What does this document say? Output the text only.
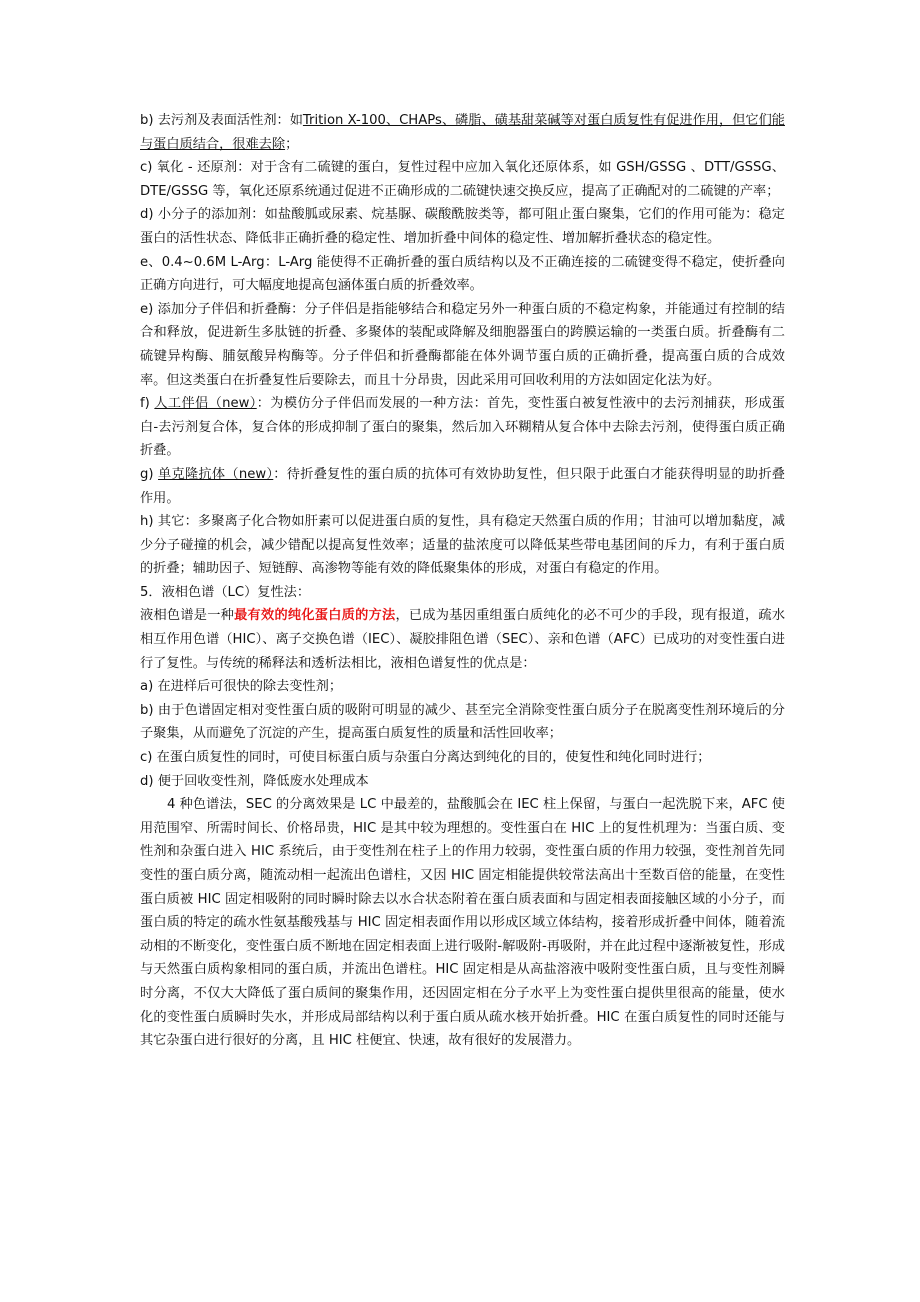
b) 去污剂及表面活性剂：如Trition X-100、CHAPs、磷脂、磺基甜菜碱等对蛋白质复性有促进作用，但它们能与蛋白质结合，很难去除；

c) 氧化 - 还原剂：对于含有二硫键的蛋白，复性过程中应加入氧化还原体系，如 GSH/GSSG 、DTT/GSSG、DTE/GSSG 等，氧化还原系统通过促进不正确形成的二硫键快速交换反应，提高了正确配对的二硫键的产率；

d) 小分子的添加剂：如盐酸胍或尿素、烷基脲、碳酸酰胺类等，都可阻止蛋白聚集，它们的作用可能为：稳定蛋白的活性状态、降低非正确折叠的稳定性、增加折叠中间体的稳定性、增加解折叠状态的稳定性。

e、0.4~0.6M L-Arg：L-Arg 能使得不正确折叠的蛋白质结构以及不正确连接的二硫键变得不稳定，使折叠向正确方向进行，可大幅度地提高包涵体蛋白质的折叠效率。

e) 添加分子伴侣和折叠酶：分子伴侣是指能够结合和稳定另外一种蛋白质的不稳定构象，并能通过有控制的结合和释放，促进新生多肽链的折叠、多聚体的装配或降解及细胞器蛋白的跨膜运输的一类蛋白质。折叠酶有二硫键异构酶、脯氨酸异构酶等。分子伴侣和折叠酶都能在体外调节蛋白质的正确折叠，提高蛋白质的合成效率。但这类蛋白在折叠复性后要除去，而且十分昂贵，因此采用可回收利用的方法如固定化法为好。

f) 人工伴侣（new）：为模仿分子伴侣而发展的一种方法：首先，变性蛋白被复性液中的去污剂捕获，形成蛋白-去污剂复合体，复合体的形成抑制了蛋白的聚集，然后加入环糊精从复合体中去除去污剂，使得蛋白质正确折叠。

g) 单克隆抗体（new）：待折叠复性的蛋白质的抗体可有效协助复性，但只限于此蛋白才能获得明显的助折叠作用。

h) 其它：多聚离子化合物如肝素可以促进蛋白质的复性，具有稳定天然蛋白质的作用；甘油可以增加黏度，减少分子碰撞的机会，减少错配以提高复性效率；适量的盐浓度可以降低某些带电基团间的斥力，有利于蛋白质的折叠；辅助因子、短链醇、高渗物等能有效的降低聚集体的形成，对蛋白有稳定的作用。

5．液相色谱（LC）复性法：

液相色谱是一种最有效的纯化蛋白质的方法，已成为基因重组蛋白质纯化的必不可少的手段，现有报道，疏水相互作用色谱（HIC）、离子交换色谱（IEC）、凝胶排阻色谱（SEC）、亲和色谱（AFC）已成功的对变性蛋白进行了复性。与传统的稀释法和透析法相比，液相色谱复性的优点是：

a) 在进样后可很快的除去变性剂；

b) 由于色谱固定相对变性蛋白质的吸附可明显的减少、甚至完全消除变性蛋白质分子在脱离变性剂环境后的分子聚集，从而避免了沉淀的产生，提高蛋白质复性的质量和活性回收率；

c) 在蛋白质复性的同时，可使目标蛋白质与杂蛋白分离达到纯化的目的，使复性和纯化同时进行；

d) 便于回收变性剂，降低废水处理成本

4 种色谱法，SEC 的分离效果是 LC 中最差的，盐酸胍会在 IEC 柱上保留，与蛋白一起洗脱下来，AFC 使用范围窄、所需时间长、价格昂贵，HIC 是其中较为理想的。变性蛋白在 HIC 上的复性机理为：当蛋白质、变性剂和杂蛋白进入 HIC 系统后，由于变性剂在柱子上的作用力较弱，变性蛋白质的作用力较强，变性剂首先同变性的蛋白质分离，随流动相一起流出色谱柱，又因 HIC 固定相能提供较常法高出十至数百倍的能量，在变性蛋白质被 HIC 固定相吸附的同时瞬时除去以水合状态附着在蛋白质表面和与固定相表面接触区域的小分子，而蛋白质的特定的疏水性氨基酸残基与 HIC 固定相表面作用以形成区域立体结构，接着形成折叠中间体，随着流动相的不断变化，变性蛋白质不断地在固定相表面上进行吸附-解吸附-再吸附，并在此过程中逐渐被复性，形成与天然蛋白质构象相同的蛋白质，并流出色谱柱。HIC 固定相是从高盐溶液中吸附变性蛋白质，且与变性剂瞬时分离，不仅大大降低了蛋白质间的聚集作用，还因固定相在分子水平上为变性蛋白提供里很高的能量，使水化的变性蛋白质瞬时失水，并形成局部结构以利于蛋白质从疏水核开始折叠。HIC 在蛋白质复性的同时还能与其它杂蛋白进行很好的分离，且 HIC 柱便宜、快速，故有很好的发展潜力。
